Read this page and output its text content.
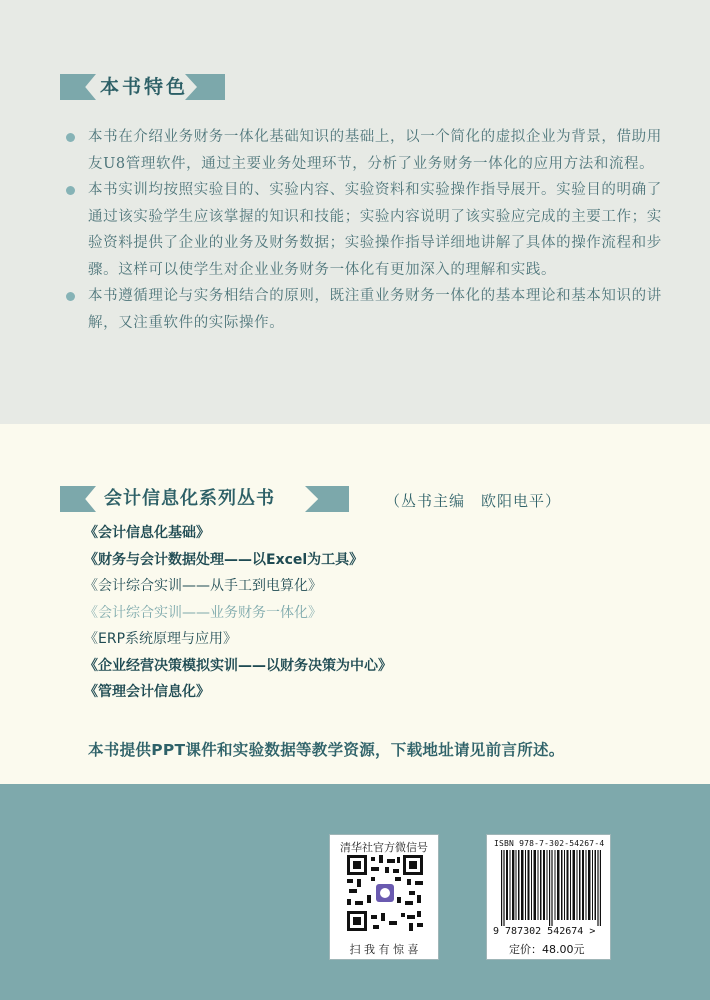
本书特色
本书在介绍业务财务一体化基础知识的基础上，以一个简化的虚拟企业为背景，借助用友U8管理软件，通过主要业务处理环节，分析了业务财务一体化的应用方法和流程。
本书实训均按照实验目的、实验内容、实验资料和实验操作指导展开。实验目的明确了通过该实验学生应该掌握的知识和技能；实验内容说明了该实验应完成的主要工作；实验资料提供了企业的业务及财务数据；实验操作指导详细地讲解了具体的操作流程和步骤。这样可以使学生对企业业务财务一体化有更加深入的理解和实践。
本书遵循理论与实务相结合的原则，既注重业务财务一体化的基本理论和基本知识的讲解，又注重软件的实际操作。
会计信息化系列丛书	（丛书主编　欧阳电平）
《会计信息化基础》
《财务与会计数据处理——以Excel为工具》
《会计综合实训——从手工到电算化》
《会计综合实训——业务财务一体化》
《ERP系统原理与应用》
《企业经营决策模拟实训——以财务决策为中心》
《管理会计信息化》
本书提供PPT课件和实验数据等教学资源，下载地址请见前言所述。
清华社官方微信号
扫 我 有 惊 喜
ISBN 978-7-302-54267-4
9 787302 542674 >
定价：48.00元
